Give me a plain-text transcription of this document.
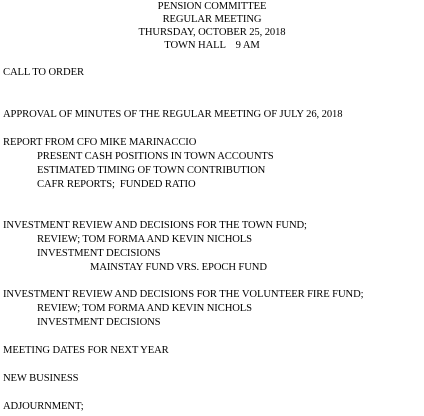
PENSION COMMITTEE
REGULAR MEETING
THURSDAY, OCTOBER 25, 2018
TOWN HALL    9 AM
CALL TO ORDER
APPROVAL OF MINUTES OF THE REGULAR MEETING OF JULY 26, 2018
REPORT FROM CFO MIKE MARINACCIO
PRESENT CASH POSITIONS IN TOWN ACCOUNTS
ESTIMATED TIMING OF TOWN CONTRIBUTION
CAFR REPORTS;  FUNDED RATIO
INVESTMENT REVIEW AND DECISIONS FOR THE TOWN FUND;
REVIEW; TOM FORMA AND KEVIN NICHOLS
INVESTMENT DECISIONS
MAINSTAY FUND VRS. EPOCH FUND
INVESTMENT REVIEW AND DECISIONS FOR THE VOLUNTEER FIRE FUND;
REVIEW; TOM FORMA AND KEVIN NICHOLS
INVESTMENT DECISIONS
MEETING DATES FOR NEXT YEAR
NEW BUSINESS
ADJOURNMENT;
